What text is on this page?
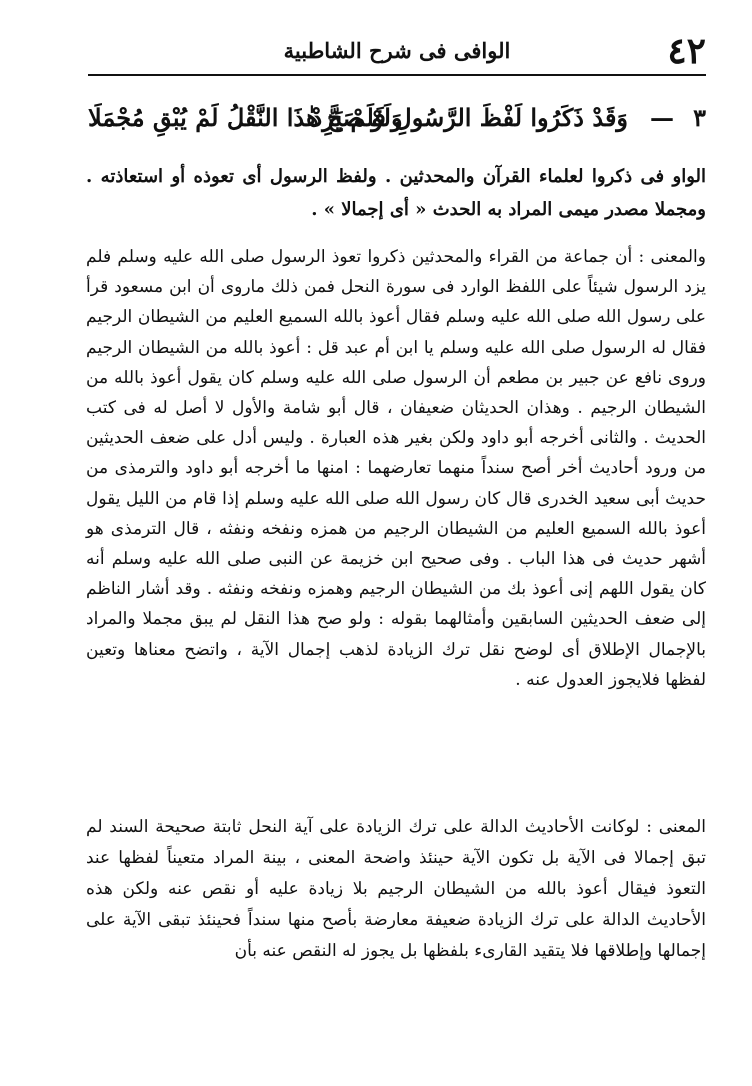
٤٢
الوافى فى شرح الشاطبية
٣
—
وَقَدْ ذَكَرُوا لَفْظَ الرَّسُولِ فَلَمْ يَزِدْ
وَلَوْ صَحَّ هٰذَا النَّقْلُ لَمْ يُبْقِ مُجْمَلَا

الواو فى ذكروا لعلماء القرآن والمحدثين . ولفظ الرسول أى تعوذه أو استعاذته . ومجملا مصدر ميمى المراد به الحدث « أى إجمالا » .

والمعنى : أن جماعة من القراء والمحدثين ذكروا تعوذ الرسول صلى الله عليه وسلم فلم يزد الرسول شيئاً على اللفظ الوارد فى سورة النحل فمن ذلك ماروى أن ابن مسعود قرأ على رسول الله صلى الله عليه وسلم فقال أعوذ بالله السميع العليم من الشيطان الرجيم فقال له الرسول صلى الله عليه وسلم يا ابن أم عبد قل : أعوذ بالله من الشيطان الرجيم وروى نافع عن جبير بن مطعم أن الرسول صلى الله عليه وسلم كان يقول أعوذ بالله من الشيطان الرجيم . وهذان الحديثان ضعيفان ، قال أبو شامة والأول لا أصل له فى كتب الحديث . والثانى أخرجه أبو داود ولكن بغير هذه العبارة . وليس أدل على ضعف الحديثين من ورود أحاديث أخر أصح سنداً منهما تعارضهما : امنها ما أخرجه أبو داود والترمذى من حديث أبى سعيد الخدرى قال كان رسول الله صلى الله عليه وسلم إذا قام من الليل يقول أعوذ بالله السميع العليم من الشيطان الرجيم من همزه ونفخه ونفثه ، قال الترمذى هو أشهر حديث فى هذا الباب . وفى صحيح ابن خزيمة عن النبى صلى الله عليه وسلم أنه كان يقول اللهم إنى أعوذ بك من الشيطان الرجيم وهمزه ونفخه ونفثه . وقد أشار الناظم إلى ضعف الحديثين السابقين وأمثالهما بقوله : ولو صح هذا النقل لم يبق مجملا والمراد بالإجمال الإطلاق أى لوضح نقل ترك الزيادة لذهب إجمال الآية ، واتضح معناها وتعين لفظها فلايجوز العدول عنه .

المعنى : لوكانت الأحاديث الدالة على ترك الزيادة على آية النحل ثابتة صحيحة السند لم تبق إجمالا فى الآية بل تكون الآية حينئذ واضحة المعنى ، بينة المراد متعيناً لفظها عند التعوذ فيقال أعوذ بالله من الشيطان الرجيم بلا زيادة عليه أو نقص عنه ولكن هذه الأحاديث الدالة على ترك الزيادة ضعيفة معارضة بأصح منها سنداً فحينئذ تبقى الآية على إجمالها وإطلاقها فلا يتقيد القارىء بلفظها بل يجوز له النقص عنه بأن
